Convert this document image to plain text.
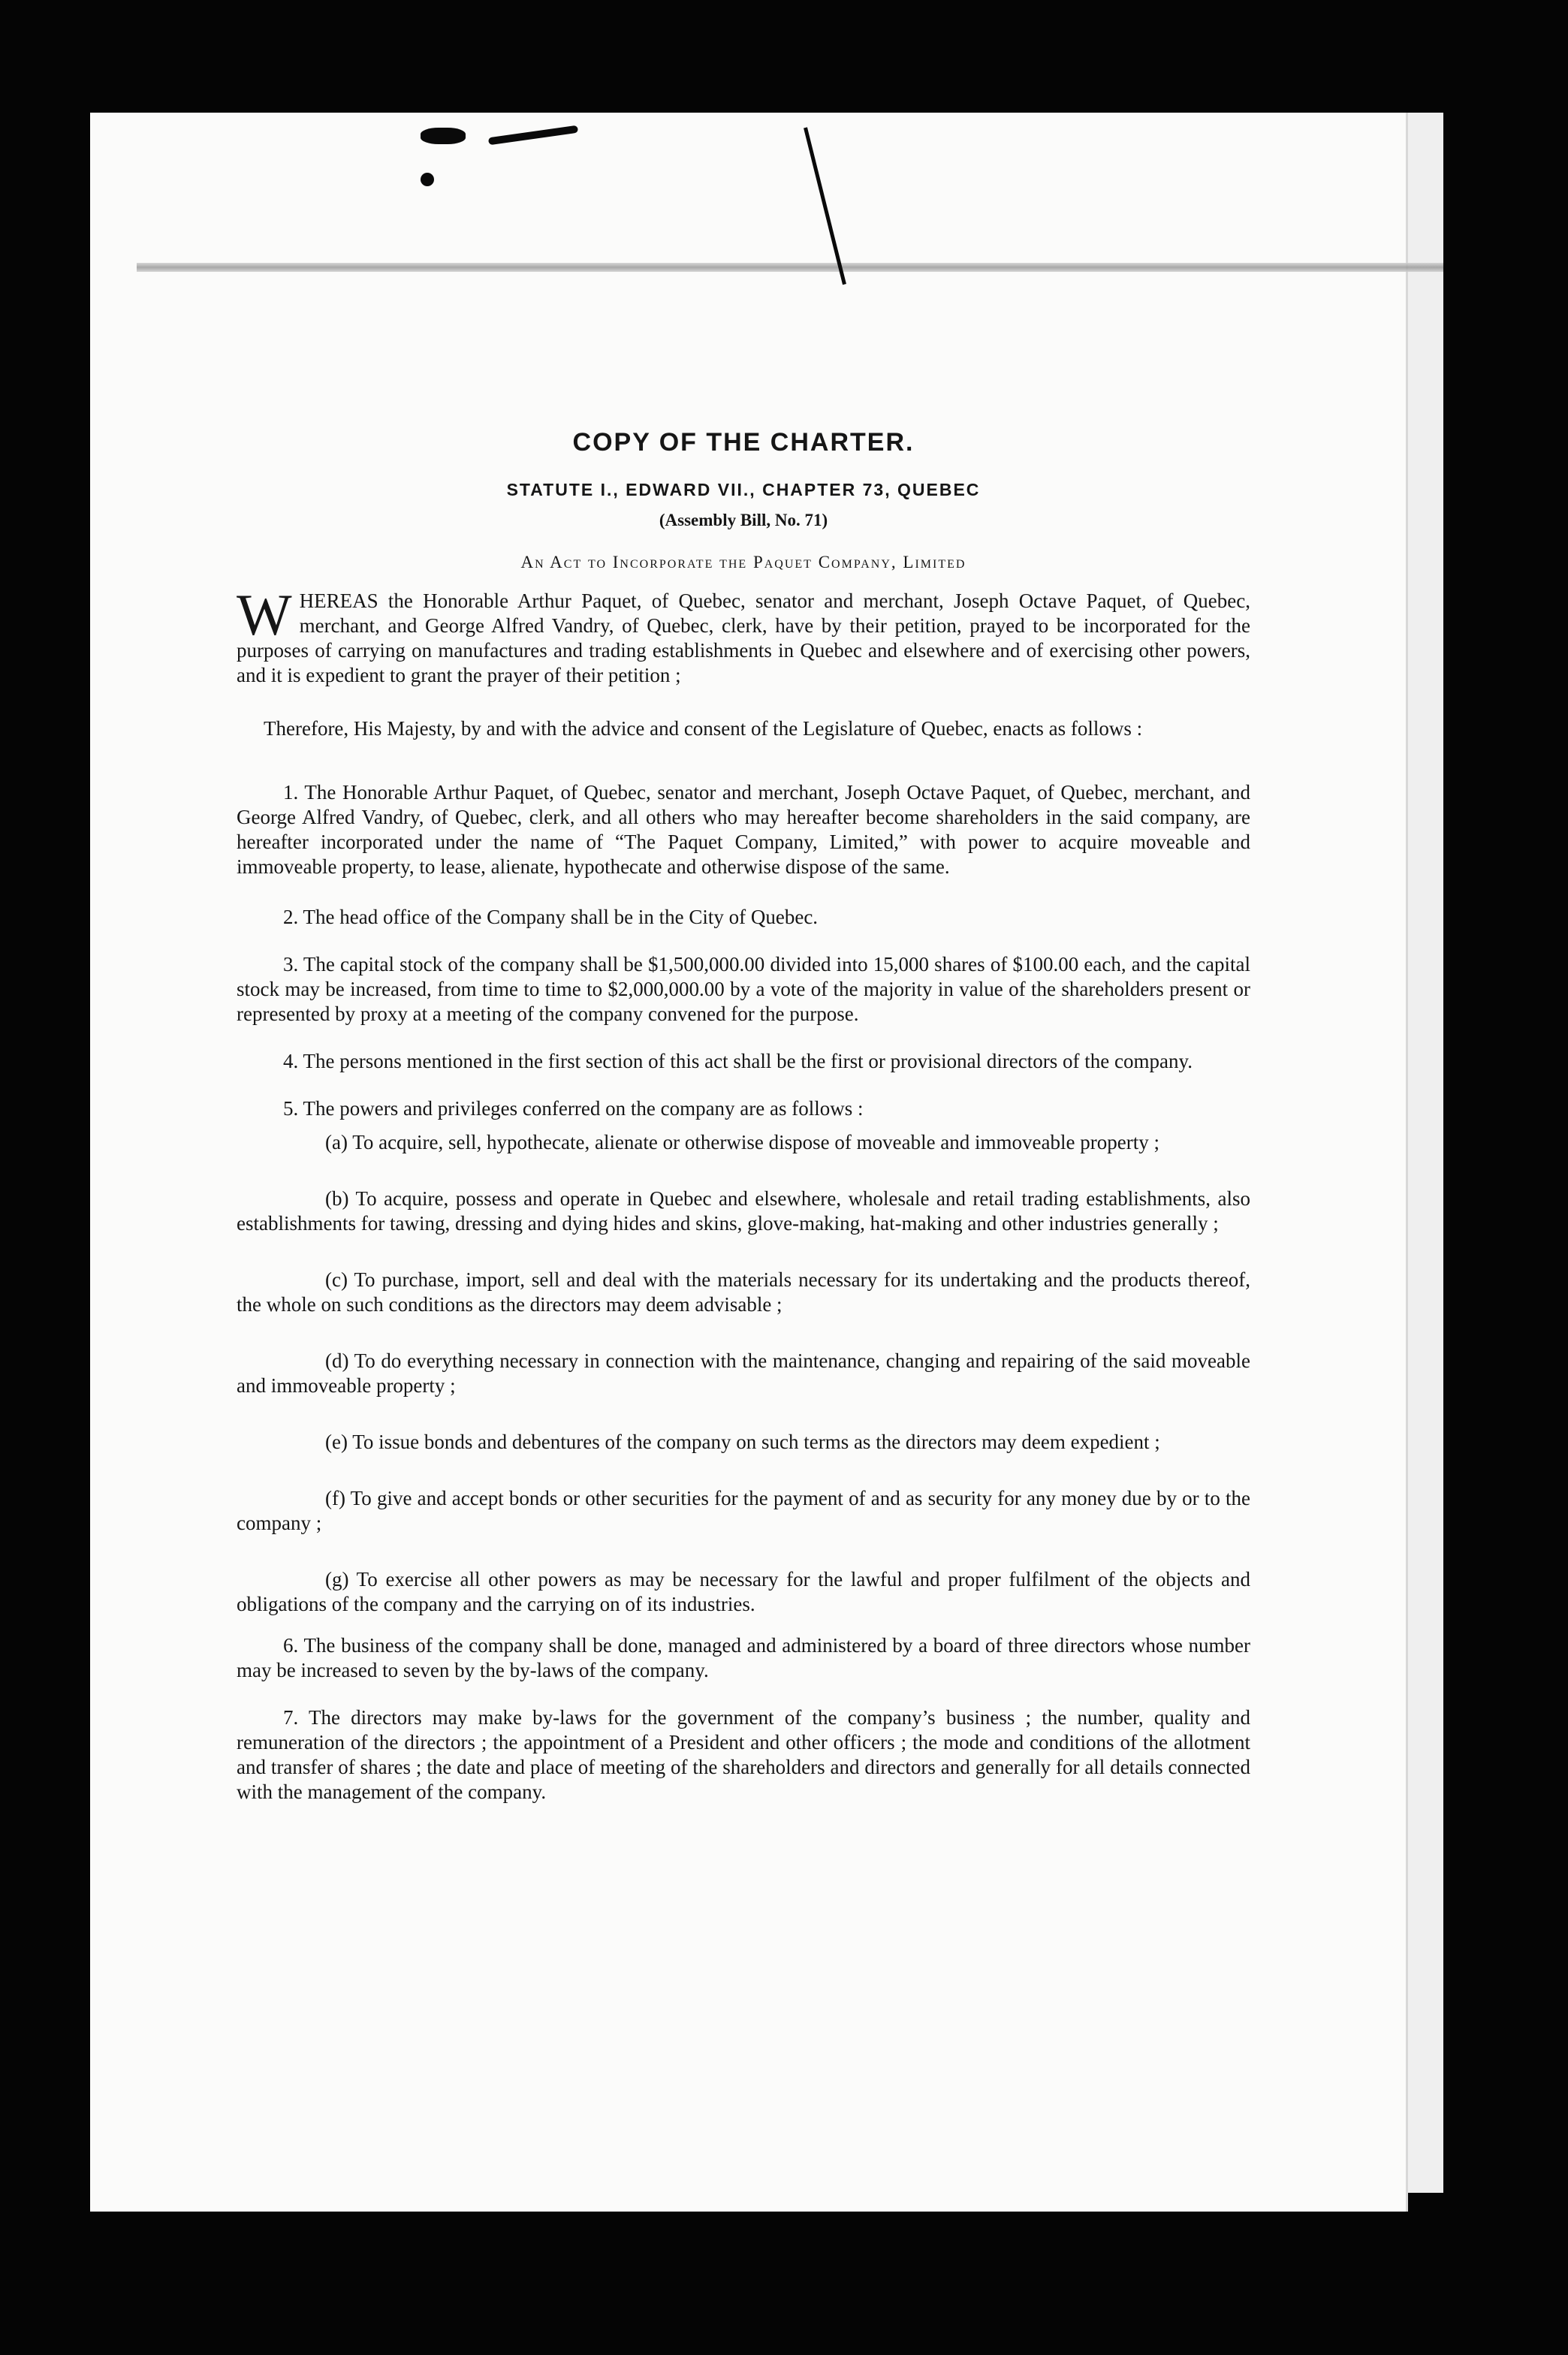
COPY OF THE CHARTER.
STATUTE I., EDWARD VII., CHAPTER 73, QUEBEC
(Assembly Bill, No. 71)
An Act to Incorporate the Paquet Company, Limited

WHEREAS the Honorable Arthur Paquet, of Quebec, senator and merchant, Joseph Octave Paquet, of Quebec, merchant, and George Alfred Vandry, of Quebec, clerk, have by their petition, prayed to be incorporated for the purposes of carrying on manufactures and trading establishments in Quebec and elsewhere and of exercising other powers, and it is expedient to grant the prayer of their petition ;

Therefore, His Majesty, by and with the advice and consent of the Legislature of Quebec, enacts as follows :

1. The Honorable Arthur Paquet, of Quebec, senator and merchant, Joseph Octave Paquet, of Quebec, merchant, and George Alfred Vandry, of Quebec, clerk, and all others who may hereafter become shareholders in the said company, are hereafter incorporated under the name of “The Paquet Company, Limited,” with power to acquire moveable and immoveable property, to lease, alienate, hypothecate and otherwise dispose of the same.

2. The head office of the Company shall be in the City of Quebec.

3. The capital stock of the company shall be $1,500,000.00 divided into 15,000 shares of $100.00 each, and the capital stock may be increased, from time to time to $2,000,000.00 by a vote of the majority in value of the shareholders present or represented by proxy at a meeting of the company convened for the purpose.

4. The persons mentioned in the first section of this act shall be the first or provisional directors of the company.

5. The powers and privileges conferred on the company are as follows :

(a) To acquire, sell, hypothecate, alienate or otherwise dispose of moveable and immoveable property ;

(b) To acquire, possess and operate in Quebec and elsewhere, wholesale and retail trading establishments, also establishments for tawing, dressing and dying hides and skins, glove-making, hat-making and other industries generally ;

(c) To purchase, import, sell and deal with the materials necessary for its undertaking and the products thereof, the whole on such conditions as the directors may deem advisable ;

(d) To do everything necessary in connection with the maintenance, changing and repairing of the said moveable and immoveable property ;

(e) To issue bonds and debentures of the company on such terms as the directors may deem expedient ;

(f) To give and accept bonds or other securities for the payment of and as security for any money due by or to the company ;

(g) To exercise all other powers as may be necessary for the lawful and proper fulfilment of the objects and obligations of the company and the carrying on of its industries.

6. The business of the company shall be done, managed and administered by a board of three directors whose number may be increased to seven by the by-laws of the company.

7. The directors may make by-laws for the government of the company’s business ; the number, quality and remuneration of the directors ; the appointment of a President and other officers ; the mode and conditions of the allotment and transfer of shares ; the date and place of meeting of the shareholders and directors and generally for all details connected with the management of the company.
